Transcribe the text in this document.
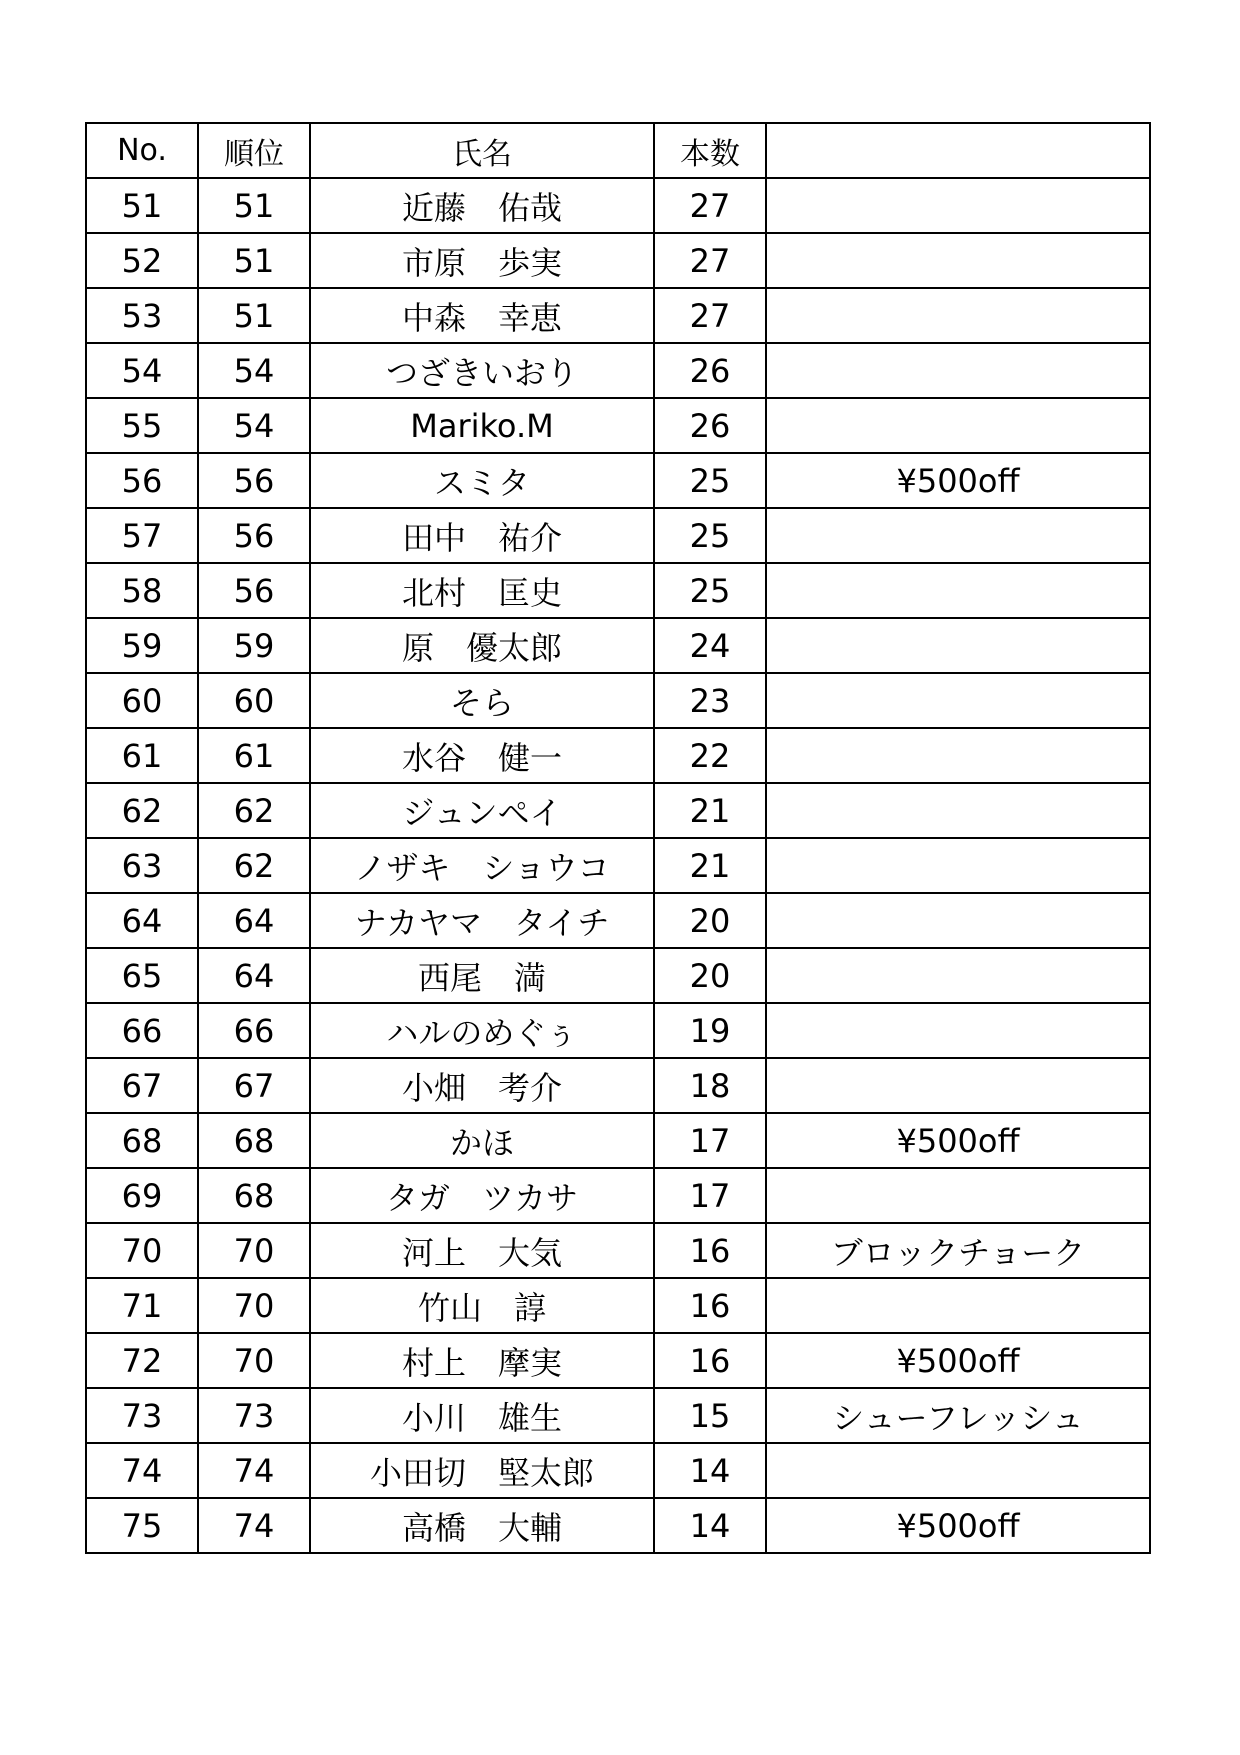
No.	順位	氏名	本数	
51	51	近藤　佑哉	27	
52	51	市原　歩実	27	
53	51	中森　幸恵	27	
54	54	つざきいおり	26	
55	54	Mariko.M	26	
56	56	スミタ	25	¥500off
57	56	田中　祐介	25	
58	56	北村　匡史	25	
59	59	原　優太郎	24	
60	60	そら	23	
61	61	水谷　健一	22	
62	62	ジュンペイ	21	
63	62	ノザキ　ショウコ	21	
64	64	ナカヤマ　タイチ	20	
65	64	西尾　満	20	
66	66	ハルのめぐぅ	19	
67	67	小畑　考介	18	
68	68	かほ	17	¥500off
69	68	タガ　ツカサ	17	
70	70	河上　大気	16	ブロックチョーク
71	70	竹山　諄	16	
72	70	村上　摩実	16	¥500off
73	73	小川　雄生	15	シューフレッシュ
74	74	小田切　堅太郎	14	
75	74	高橋　大輔	14	¥500off
